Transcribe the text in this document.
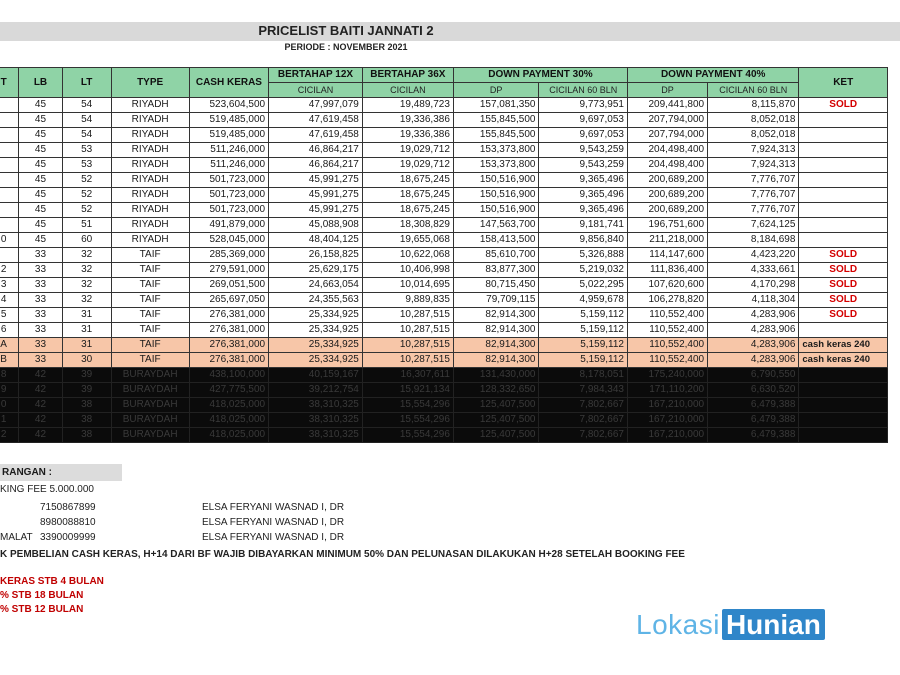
PRICELIST BAITI JANNATI 2
PERIODE : NOVEMBER 2021
T	LB	LT	TYPE	CASH KERAS	BERTAHAP 12X	BERTAHAP 36X	DOWN PAYMENT 30%		DOWN PAYMENT 40%		KET
					CICILAN	CICILAN	DP	CICILAN 60 BLN	DP	CICILAN 60 BLN	
	45	54	RIYADH	523,604,500	47,997,079	19,489,723	157,081,350	9,773,951	209,441,800	8,115,870	SOLD
	45	54	RIYADH	519,485,000	47,619,458	19,336,386	155,845,500	9,697,053	207,794,000	8,052,018	
	45	54	RIYADH	519,485,000	47,619,458	19,336,386	155,845,500	9,697,053	207,794,000	8,052,018	
	45	53	RIYADH	511,246,000	46,864,217	19,029,712	153,373,800	9,543,259	204,498,400	7,924,313	
	45	53	RIYADH	511,246,000	46,864,217	19,029,712	153,373,800	9,543,259	204,498,400	7,924,313	
	45	52	RIYADH	501,723,000	45,991,275	18,675,245	150,516,900	9,365,496	200,689,200	7,776,707	
	45	52	RIYADH	501,723,000	45,991,275	18,675,245	150,516,900	9,365,496	200,689,200	7,776,707	
	45	52	RIYADH	501,723,000	45,991,275	18,675,245	150,516,900	9,365,496	200,689,200	7,776,707	
	45	51	RIYADH	491,879,000	45,088,908	18,308,829	147,563,700	9,181,741	196,751,600	7,624,125	
0	45	60	RIYADH	528,045,000	48,404,125	19,655,068	158,413,500	9,856,840	211,218,000	8,184,698	
	33	32	TAIF	285,369,000	26,158,825	10,622,068	85,610,700	5,326,888	114,147,600	4,423,220	SOLD
2	33	32	TAIF	279,591,000	25,629,175	10,406,998	83,877,300	5,219,032	111,836,400	4,333,661	SOLD
3	33	32	TAIF	269,051,500	24,663,054	10,014,695	80,715,450	5,022,295	107,620,600	4,170,298	SOLD
4	33	32	TAIF	265,697,050	24,355,563	9,889,835	79,709,115	4,959,678	106,278,820	4,118,304	SOLD
5	33	31	TAIF	276,381,000	25,334,925	10,287,515	82,914,300	5,159,112	110,552,400	4,283,906	SOLD
6	33	31	TAIF	276,381,000	25,334,925	10,287,515	82,914,300	5,159,112	110,552,400	4,283,906	
A	33	31	TAIF	276,381,000	25,334,925	10,287,515	82,914,300	5,159,112	110,552,400	4,283,906	cash keras 240
B	33	30	TAIF	276,381,000	25,334,925	10,287,515	82,914,300	5,159,112	110,552,400	4,283,906	cash keras 240
8	42	39	BURAYDAH	438,100,000	40,159,167	16,307,611	131,430,000	8,178,051	175,240,000	6,790,550	
9	42	39	BURAYDAH	427,775,500	39,212,754	15,921,134	128,332,650	7,984,343	171,110,200	6,630,520	
0	42	38	BURAYDAH	418,025,000	38,310,325	15,554,296	125,407,500	7,802,667	167,210,000	6,479,388	
1	42	38	BURAYDAH	418,025,000	38,310,325	15,554,296	125,407,500	7,802,667	167,210,000	6,479,388	
2	42	38	BURAYDAH	418,025,000	38,310,325	15,554,296	125,407,500	7,802,667	167,210,000	6,479,388	
RANGAN :
KING FEE 5.000.000
7150867899	ELSA FERYANI WASNAD I, DR
8980088810	ELSA FERYANI WASNAD I, DR
MALAT 3390009999	ELSA FERYANI WASNAD I, DR
K PEMBELIAN CASH KERAS, H+14 DARI BF WAJIB DIBAYARKAN MINIMUM 50% DAN PELUNASAN DILAKUKAN H+28 SETELAH BOOKING FEE
KERAS STB 4 BULAN
% STB 18 BULAN
% STB 12 BULAN	Lokasi Hunian
